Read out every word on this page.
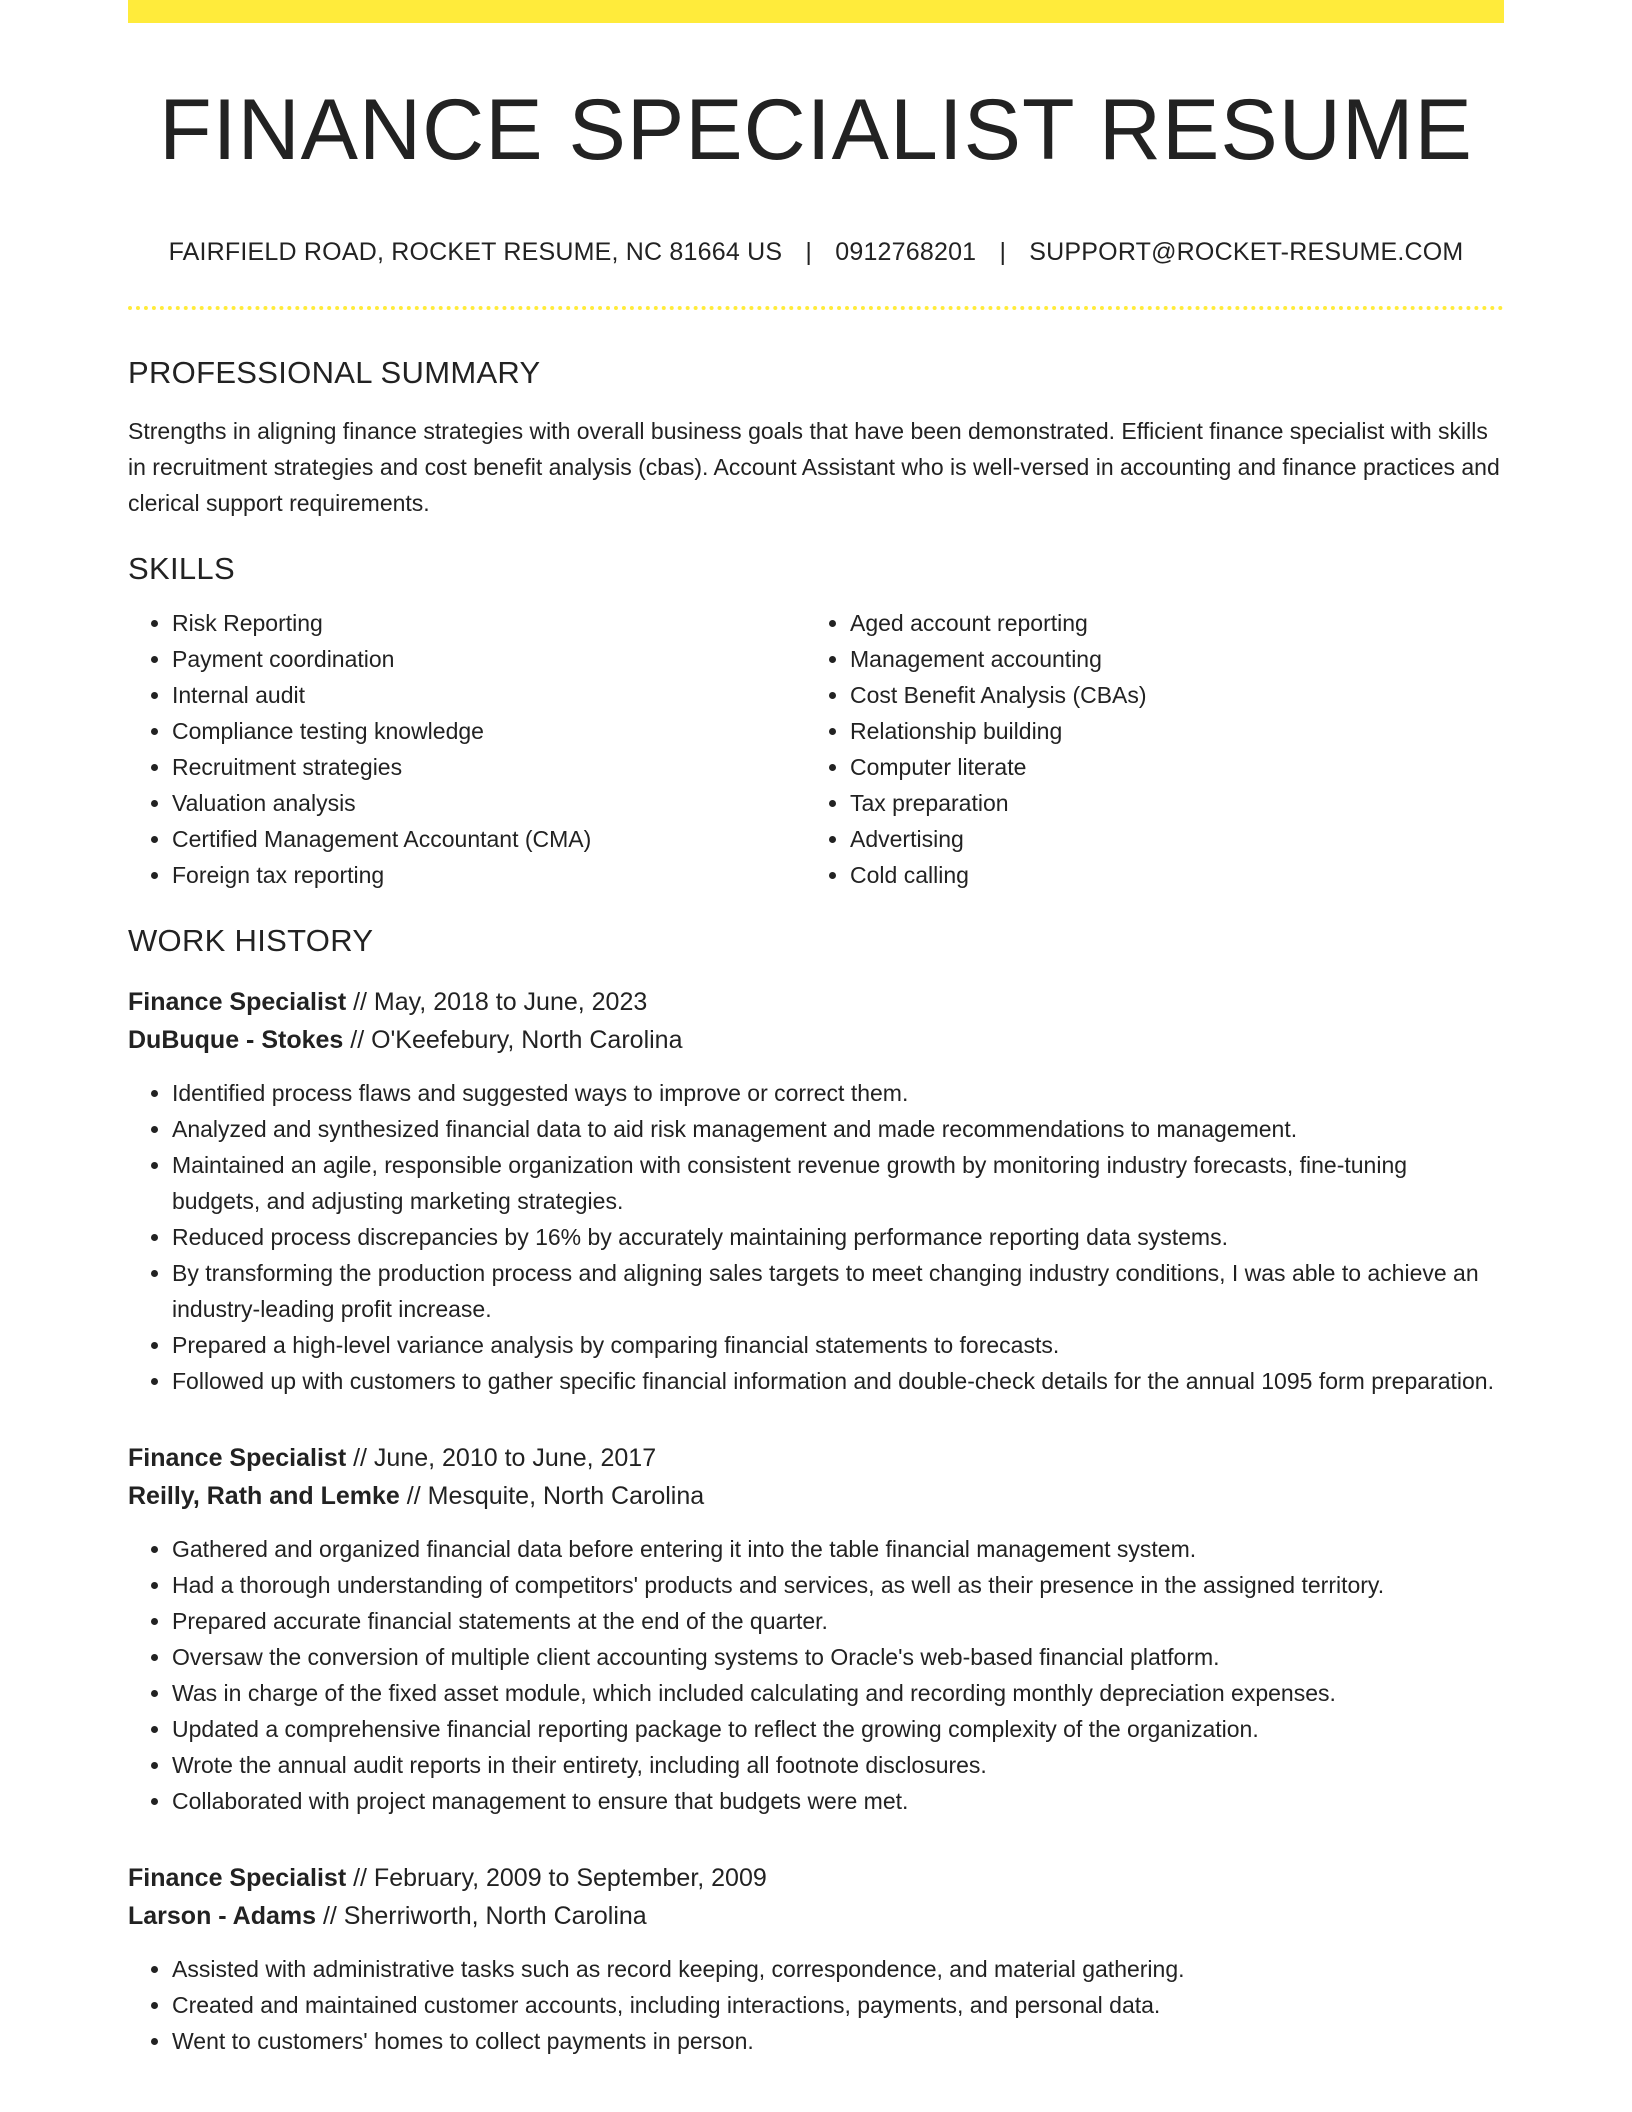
FINANCE SPECIALIST RESUME
FAIRFIELD ROAD, ROCKET RESUME, NC 81664 US | 0912768201 | SUPPORT@ROCKET-RESUME.COM
PROFESSIONAL SUMMARY

Strengths in aligning finance strategies with overall business goals that have been demonstrated. Efficient finance specialist with skills in recruitment strategies and cost benefit analysis (cbas). Account Assistant who is well-versed in accounting and finance practices and clerical support requirements.

SKILLS
• Risk Reporting
• Payment coordination
• Internal audit
• Compliance testing knowledge
• Recruitment strategies
• Valuation analysis
• Certified Management Accountant (CMA)
• Foreign tax reporting
• Aged account reporting
• Management accounting
• Cost Benefit Analysis (CBAs)
• Relationship building
• Computer literate
• Tax preparation
• Advertising
• Cold calling
WORK HISTORY
Finance Specialist // May, 2018 to June, 2023
DuBuque - Stokes // O'Keefebury, North Carolina
• Identified process flaws and suggested ways to improve or correct them.
• Analyzed and synthesized financial data to aid risk management and made recommendations to management.
• Maintained an agile, responsible organization with consistent revenue growth by monitoring industry forecasts, fine-tuning budgets, and adjusting marketing strategies.
• Reduced process discrepancies by 16% by accurately maintaining performance reporting data systems.
• By transforming the production process and aligning sales targets to meet changing industry conditions, I was able to achieve an industry-leading profit increase.
• Prepared a high-level variance analysis by comparing financial statements to forecasts.
• Followed up with customers to gather specific financial information and double-check details for the annual 1095 form preparation.
Finance Specialist // June, 2010 to June, 2017
Reilly, Rath and Lemke // Mesquite, North Carolina
• Gathered and organized financial data before entering it into the table financial management system.
• Had a thorough understanding of competitors' products and services, as well as their presence in the assigned territory.
• Prepared accurate financial statements at the end of the quarter.
• Oversaw the conversion of multiple client accounting systems to Oracle's web-based financial platform.
• Was in charge of the fixed asset module, which included calculating and recording monthly depreciation expenses.
• Updated a comprehensive financial reporting package to reflect the growing complexity of the organization.
• Wrote the annual audit reports in their entirety, including all footnote disclosures.
• Collaborated with project management to ensure that budgets were met.
Finance Specialist // February, 2009 to September, 2009
Larson - Adams // Sherriworth, North Carolina
• Assisted with administrative tasks such as record keeping, correspondence, and material gathering.
• Created and maintained customer accounts, including interactions, payments, and personal data.
• Went to customers' homes to collect payments in person.
